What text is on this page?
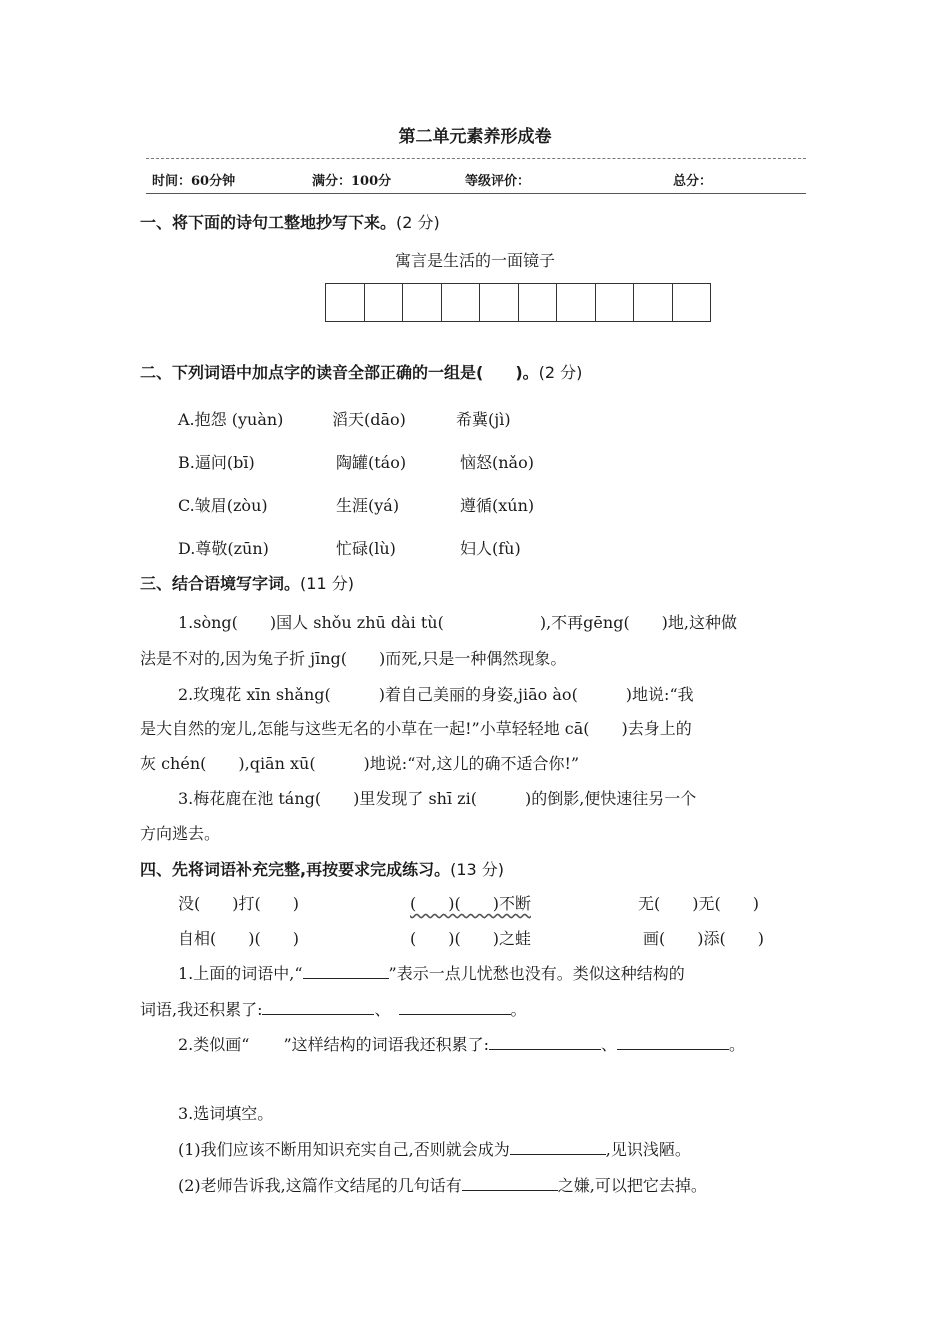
第二单元素养形成卷
时间：60分钟	满分：100分	等级评价：	总分：
一、将下面的诗句工整地抄写下来。(2 分)
寓言是生活的一面镜子
二、下列词语中加点字的读音全部正确的一组是(　　)。(2 分)
A.抱怨 (yuàn)	滔天(dāo)	希冀(jì)
B.逼问(bī)	陶罐(táo)	恼怒(nǎo)
C.皱眉(zòu)	生涯(yá)	遵循(xún)
D.尊敬(zūn)	忙碌(lù)	妇人(fù)
三、结合语境写字词。(11 分)
1.sòng(　　)国人 shǒu zhū dài tù(　　　　　　),不再gēng(　　)地,这种做
法是不对的,因为兔子折 jīng(　　)而死,只是一种偶然现象。
2.玫瑰花 xīn shǎng(　　　)着自己美丽的身姿,jiāo ào(　　　)地说:“我
是大自然的宠儿,怎能与这些无名的小草在一起!”小草轻轻地 cā(　　)去身上的
灰 chén(　　),qiān xū(　　　)地说:“对,这儿的确不适合你!”
3.梅花鹿在池 táng(　　)里发现了 shī zi(　　　)的倒影,便快速往另一个
方向逃去。
四、先将词语补充完整,再按要求完成练习。(13 分)
没(　　)打(　　)	(　　)(　　)不断	无(　　)无(　　)
自相(　　)(　　)	(　　)(　　)之蛙	画(　　)添(　　)
1.上面的词语中,“	”表示一点儿忧愁也没有。类似这种结构的
词语,我还积累了:	、	。
2.类似画“ ”这样结构的词语我还积累了:	、	。
3.选词填空。
(1)我们应该不断用知识充实自己,否则就会成为	,见识浅陋。
(2)老师告诉我,这篇作文结尾的几句话有	之嫌,可以把它去掉。
